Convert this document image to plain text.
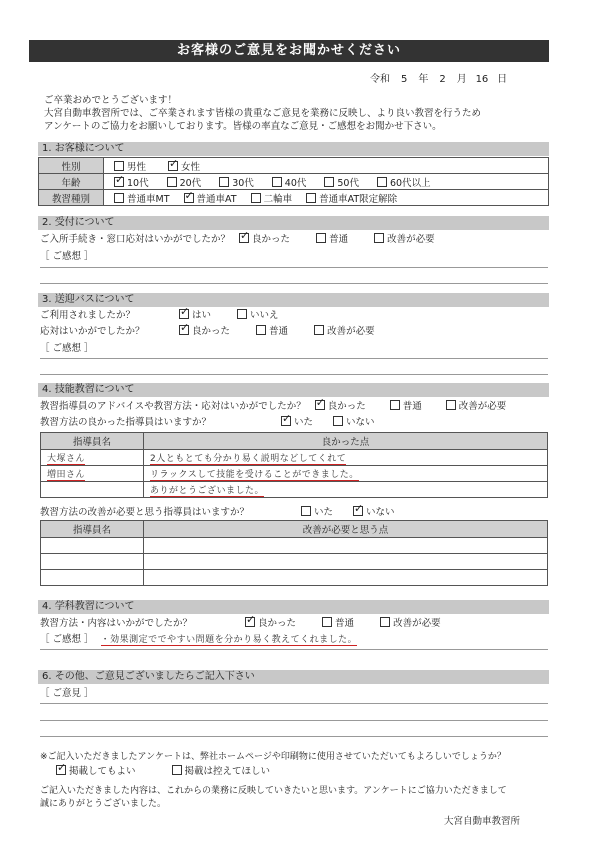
お客様のご意見をお聞かせください
令和 5 年 2 月 16 日
ご卒業おめでとうございます！
大宮自動車教習所では、ご卒業されます皆様の貴重なご意見を業務に反映し、より良い教習を行うため
アンケートのご協力をお願いしております。皆様の率直なご意見・ご感想をお聞かせ下さい。
1. お客様について
性別	男性 ✓ 女性
年齢	✓10代 20代 30代 40代 50代 60代以上
教習種別	普通車MT ✓ 普通車AT 二輪車 普通車AT限定解除
2. 受付について
ご入所手続き・窓口応対はいかがでしたか？ ✓ 良かった	普通	改善が必要
［ ご感想 ］
3. 送迎バスについて
ご利用されましたか？ ✓	はい	いいえ
応対はいかがでしたか？ ✓	良かった	普通	改善が必要
［ ご感想 ］
4. 技能教習について
教習指導員のアドバイスや教習方法・応対はいかがでしたか？ ✓ 良かった	普通	改善が必要
教習方法の良かった指導員はいますか？ ✓	いた	いない
指導員名	良かった点
大塚さん	2人ともとても分かり易く説明などしてくれて
増田さん	リラックスして技能を受けることができました。
	ありがとうございました。
教習方法の改善が必要と思う指導員はいますか？	いた ✓	いない
指導員名	改善が必要と思う点

4. 学科教習について
教習方法・内容はいかがでしたか？ ✓	良かった	普通	改善が必要
［ ご感想 ］ ・効果測定ででやすい問題を分かり易く教えてくれました。
6. その他、ご意見ございましたらご記入下さい
［ ご意見 ］
※ご記入いただきましたアンケートは、弊社ホームページや印刷物に使用させていただいてもよろしいでしょうか？
✓掲載してもよい	掲載は控えてほしい
ご記入いただきました内容は、これからの業務に反映していきたいと思います。アンケートにご協力いただきまして
誠にありがとうございました。
大宮自動車教習所
